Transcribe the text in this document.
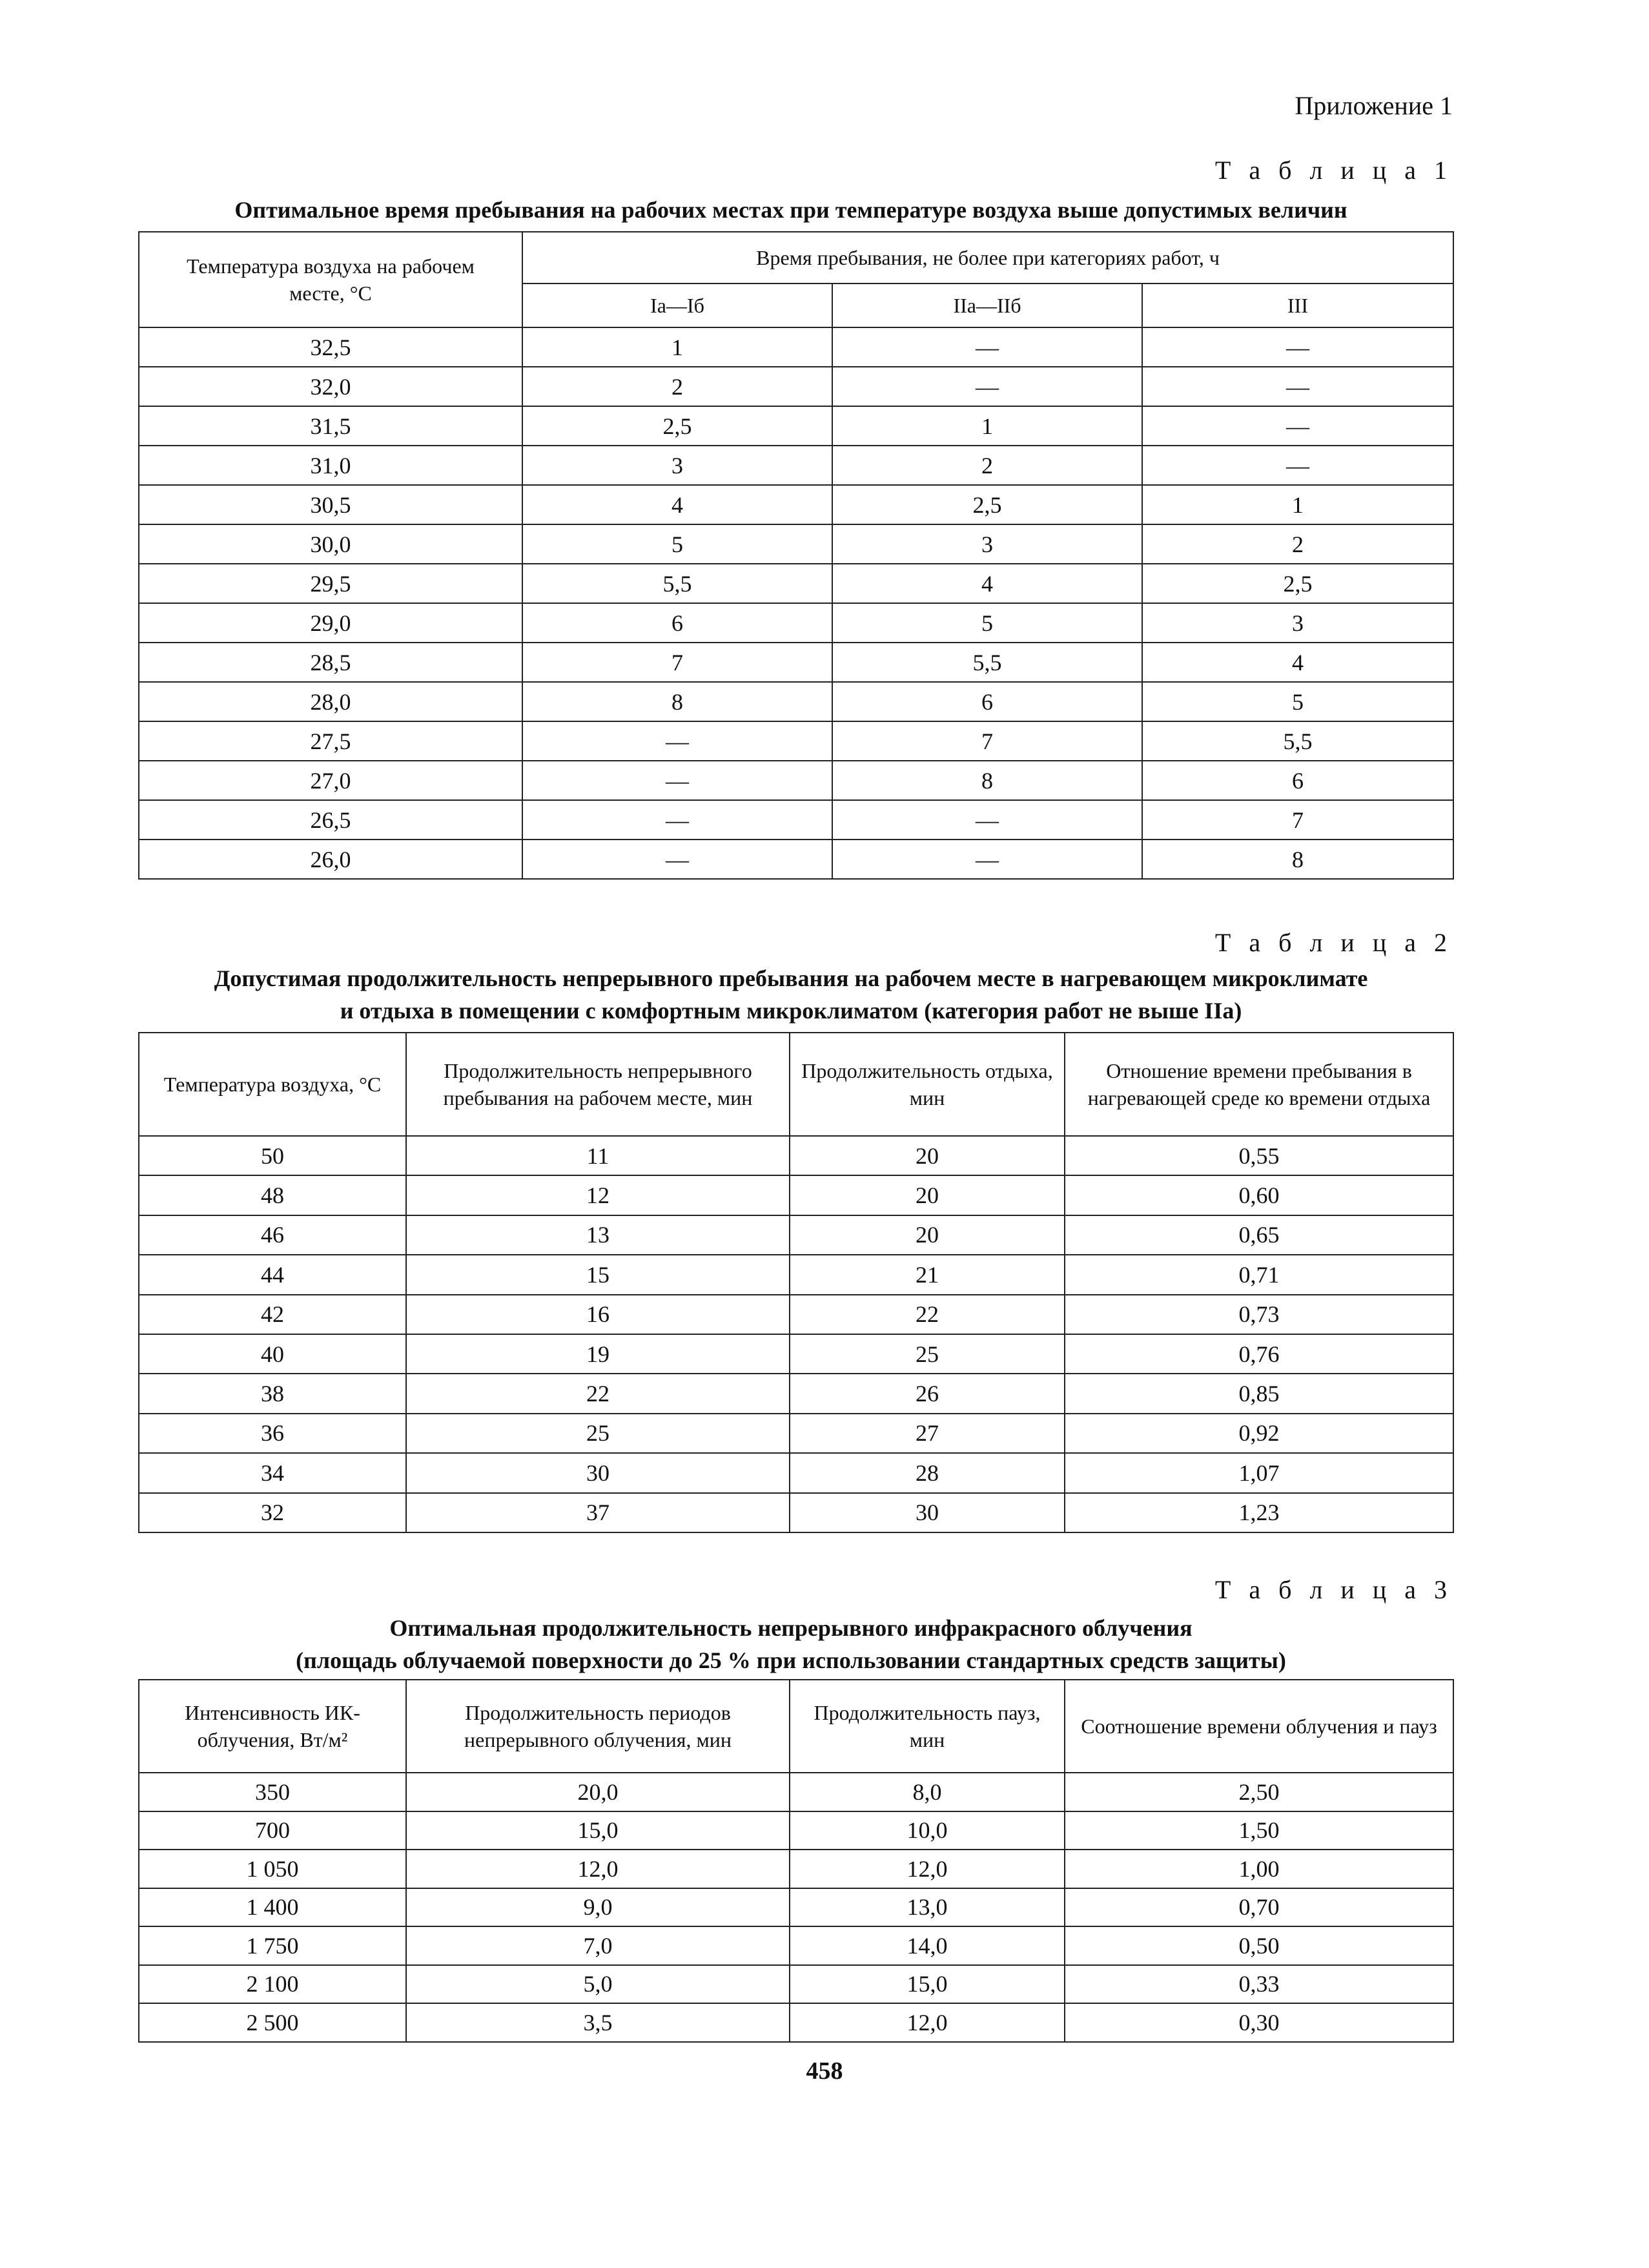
Приложение 1
Т а б л и ц а 1
Оптимальное время пребывания на рабочих местах при температуре воздуха выше допустимых величин
Температура воздуха на рабочем месте, °С	Время пребывания, не более при категориях работ, ч		
	Iа—Iб	IIа—IIб	III
32,5	1	—	—
32,0	2	—	—
31,5	2,5	1	—
31,0	3	2	—
30,5	4	2,5	1
30,0	5	3	2
29,5	5,5	4	2,5
29,0	6	5	3
28,5	7	5,5	4
28,0	8	6	5
27,5	—	7	5,5
27,0	—	8	6
26,5	—	—	7
26,0	—	—	8
Т а б л и ц а 2
Допустимая продолжительность непрерывного пребывания на рабочем месте в нагревающем микроклимате
и отдыха в помещении с комфортным микроклиматом (категория работ не выше IIа)
Температура воздуха, °С	Продолжительность непрерывного пребывания на рабочем месте, мин	Продолжительность отдыха, мин	Отношение времени пребывания в нагревающей среде ко времени отдыха
50	11	20	0,55
48	12	20	0,60
46	13	20	0,65
44	15	21	0,71
42	16	22	0,73
40	19	25	0,76
38	22	26	0,85
36	25	27	0,92
34	30	28	1,07
32	37	30	1,23
Т а б л и ц а 3
Оптимальная продолжительность непрерывного инфракрасного облучения
(площадь облучаемой поверхности до 25 % при использовании стандартных средств защиты)
Интенсивность ИК-облучения, Вт/м²	Продолжительность периодов непрерывного облучения, мин	Продолжительность пауз, мин	Соотношение времени облучения и пауз
350	20,0	8,0	2,50
700	15,0	10,0	1,50
1 050	12,0	12,0	1,00
1 400	9,0	13,0	0,70
1 750	7,0	14,0	0,50
2 100	5,0	15,0	0,33
2 500	3,5	12,0	0,30
458
